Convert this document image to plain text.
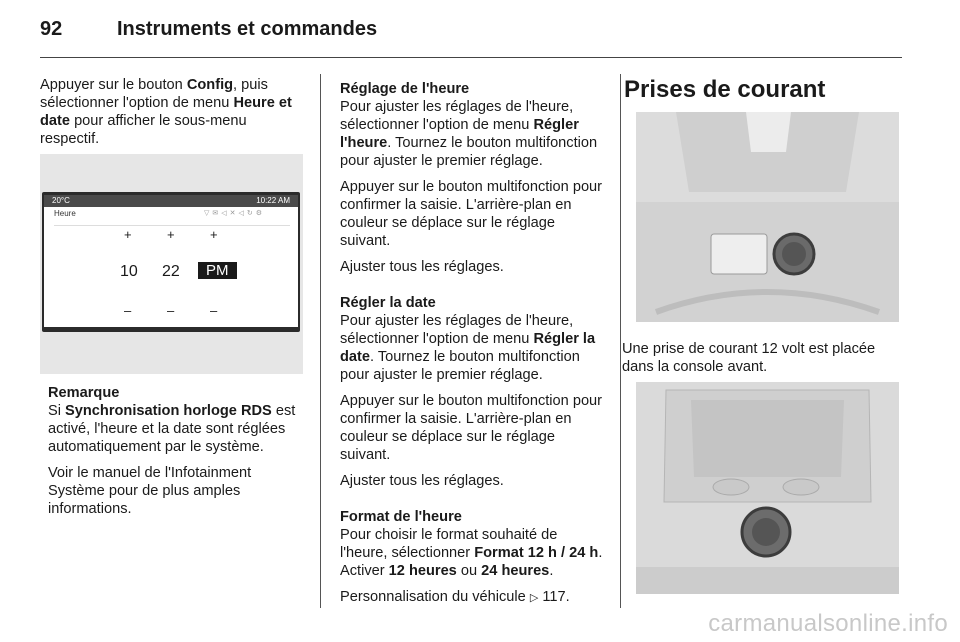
92	Instruments et commandes

Appuyer sur le bouton Config, puis sélectionner l'option de menu Heure et date pour afficher le sous-menu respectif.

20°C	10:22 AM
Heure	▽✉◁✕◁↻⚙
+	+	+
10 22	PM
–	–	–
Remarque

Si Synchronisation horloge RDS est activé, l'heure et la date sont réglées automatiquement par le système.

Voir le manuel de l'Infotainment Système pour de plus amples informations.

Réglage de l'heure

Pour ajuster les réglages de l'heure, sélectionner l'option de menu Régler l'heure. Tournez le bouton multifonction pour ajuster le premier réglage.

Appuyer sur le bouton multifonction pour confirmer la saisie. L'arrière-plan en couleur se déplace sur le réglage suivant.

Ajuster tous les réglages.

Régler la date

Pour ajuster les réglages de l'heure, sélectionner l'option de menu Régler la date. Tournez le bouton multifonction pour ajuster le premier réglage.

Appuyer sur le bouton multifonction pour confirmer la saisie. L'arrière-plan en couleur se déplace sur le réglage suivant.

Ajuster tous les réglages.

Format de l'heure

Pour choisir le format souhaité de l'heure, sélectionner Format 12 h / 24 h. Activer 12 heures ou 24 heures.

Personnalisation du véhicule ▷ 117.

Prises de courant

Une prise de courant 12 volt est placée dans la console avant.

carmanualsonline.info
